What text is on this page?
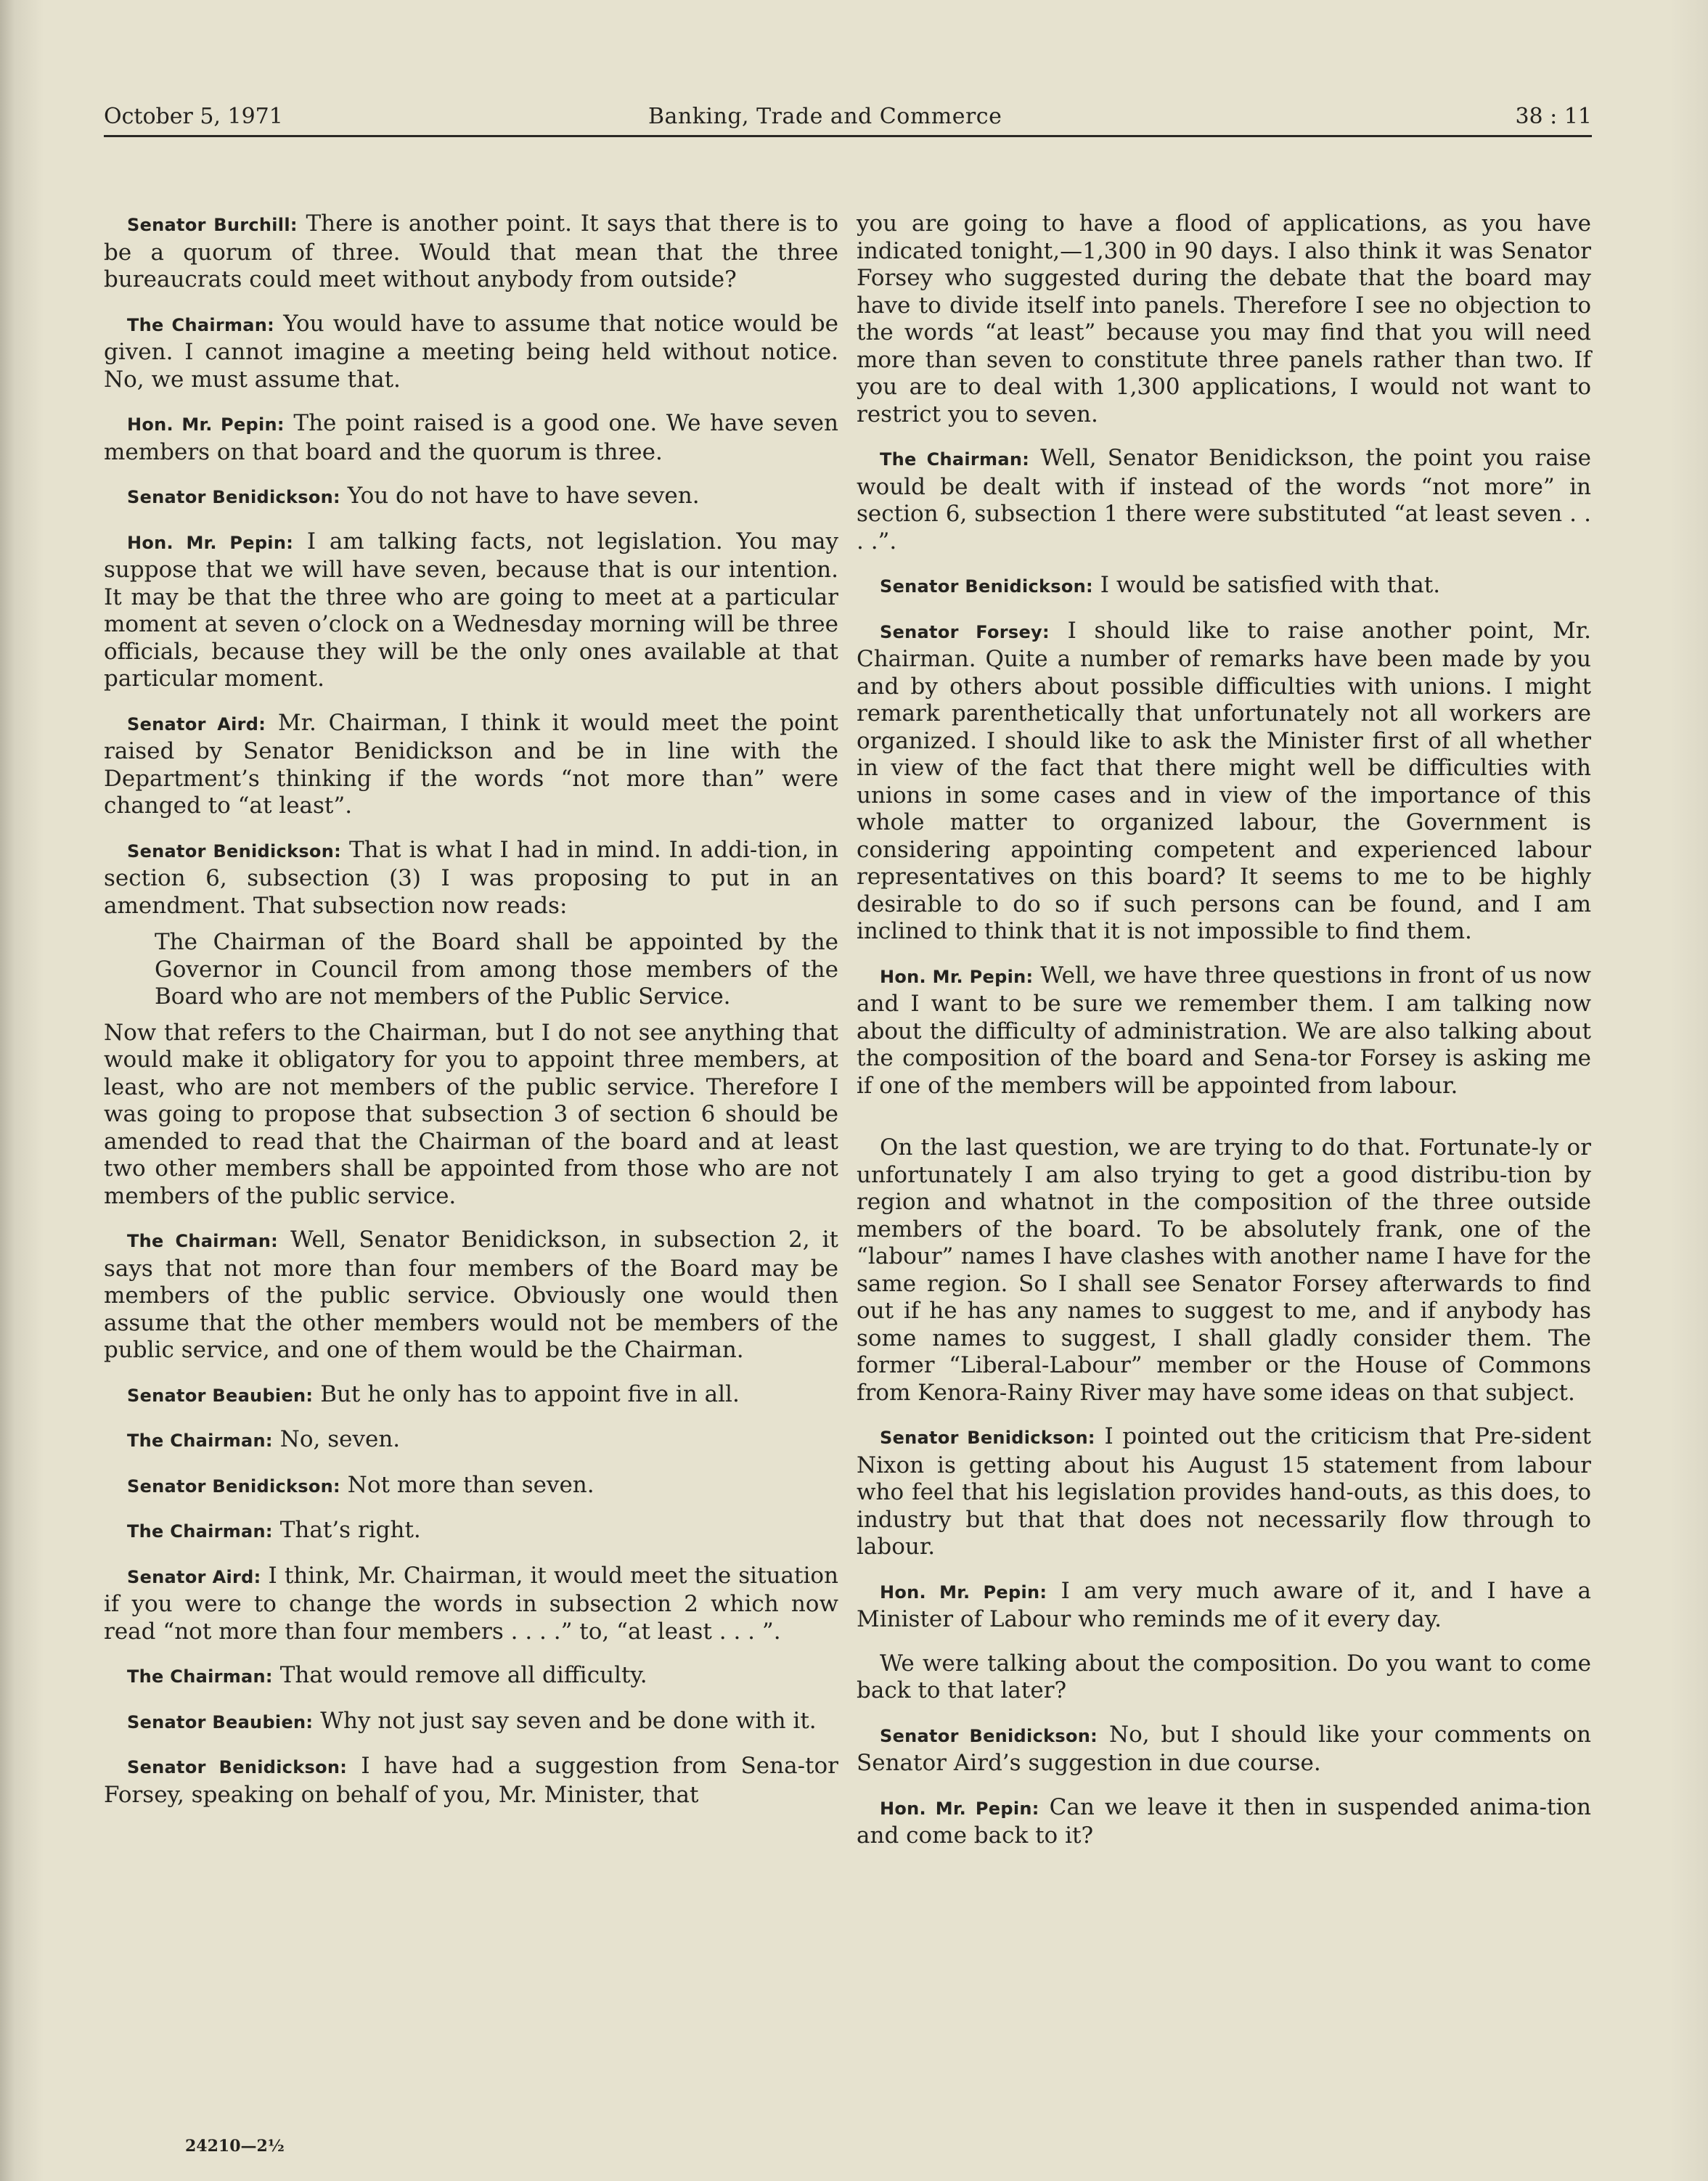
October 5, 1971	Banking, Trade and Commerce	38 : 11

Senator Burchill: There is another point. It says that there is to be a quorum of three. Would that mean that the three bureaucrats could meet without anybody from outside?

The Chairman: You would have to assume that notice would be given. I cannot imagine a meeting being held without notice. No, we must assume that.

Hon. Mr. Pepin: The point raised is a good one. We have seven members on that board and the quorum is three.

Senator Benidickson: You do not have to have seven.

Hon. Mr. Pepin: I am talking facts, not legislation. You may suppose that we will have seven, because that is our intention. It may be that the three who are going to meet at a particular moment at seven o’clock on a Wednesday morning will be three officials, because they will be the only ones available at that particular moment.

Senator Aird: Mr. Chairman, I think it would meet the point raised by Senator Benidickson and be in line with the Department’s thinking if the words “not more than” were changed to “at least”.

Senator Benidickson: That is what I had in mind. In addi-tion, in section 6, subsection (3) I was proposing to put in an amendment. That subsection now reads:

The Chairman of the Board shall be appointed by the Governor in Council from among those members of the Board who are not members of the Public Service.

Now that refers to the Chairman, but I do not see anything that would make it obligatory for you to appoint three members, at least, who are not members of the public service. Therefore I was going to propose that subsection 3 of section 6 should be amended to read that the Chairman of the board and at least two other members shall be appointed from those who are not members of the public service.

The Chairman: Well, Senator Benidickson, in subsection 2, it says that not more than four members of the Board may be members of the public service. Obviously one would then assume that the other members would not be members of the public service, and one of them would be the Chairman.

Senator Beaubien: But he only has to appoint five in all.

The Chairman: No, seven.

Senator Benidickson: Not more than seven.

The Chairman: That’s right.

Senator Aird: I think, Mr. Chairman, it would meet the situation if you were to change the words in subsection 2 which now read “not more than four members . . . .” to, “at least . . . ”.

The Chairman: That would remove all difficulty.

Senator Beaubien: Why not just say seven and be done with it.

Senator Benidickson: I have had a suggestion from Sena-tor Forsey, speaking on behalf of you, Mr. Minister, that

you are going to have a flood of applications, as you have indicated tonight,—1,300 in 90 days. I also think it was Senator Forsey who suggested during the debate that the board may have to divide itself into panels. Therefore I see no objection to the words “at least” because you may find that you will need more than seven to constitute three panels rather than two. If you are to deal with 1,300 applications, I would not want to restrict you to seven.

The Chairman: Well, Senator Benidickson, the point you raise would be dealt with if instead of the words “not more” in section 6, subsection 1 there were substituted “at least seven . . . .”.

Senator Benidickson: I would be satisfied with that.

Senator Forsey: I should like to raise another point, Mr. Chairman. Quite a number of remarks have been made by you and by others about possible difficulties with unions. I might remark parenthetically that unfortunately not all workers are organized. I should like to ask the Minister first of all whether in view of the fact that there might well be difficulties with unions in some cases and in view of the importance of this whole matter to organized labour, the Government is considering appointing competent and experienced labour representatives on this board? It seems to me to be highly desirable to do so if such persons can be found, and I am inclined to think that it is not impossible to find them.

Hon. Mr. Pepin: Well, we have three questions in front of us now and I want to be sure we remember them. I am talking now about the difficulty of administration. We are also talking about the composition of the board and Sena-tor Forsey is asking me if one of the members will be appointed from labour.

On the last question, we are trying to do that. Fortunate-ly or unfortunately I am also trying to get a good distribu-tion by region and whatnot in the composition of the three outside members of the board. To be absolutely frank, one of the “labour” names I have clashes with another name I have for the same region. So I shall see Senator Forsey afterwards to find out if he has any names to suggest to me, and if anybody has some names to suggest, I shall gladly consider them. The former “Liberal-Labour” member or the House of Commons from Kenora-Rainy River may have some ideas on that subject.

Senator Benidickson: I pointed out the criticism that Pre-sident Nixon is getting about his August 15 statement from labour who feel that his legislation provides hand-outs, as this does, to industry but that that does not necessarily flow through to labour.

Hon. Mr. Pepin: I am very much aware of it, and I have a Minister of Labour who reminds me of it every day.

We were talking about the composition. Do you want to come back to that later?

Senator Benidickson: No, but I should like your comments on Senator Aird’s suggestion in due course.

Hon. Mr. Pepin: Can we leave it then in suspended anima-tion and come back to it?

24210—2½
